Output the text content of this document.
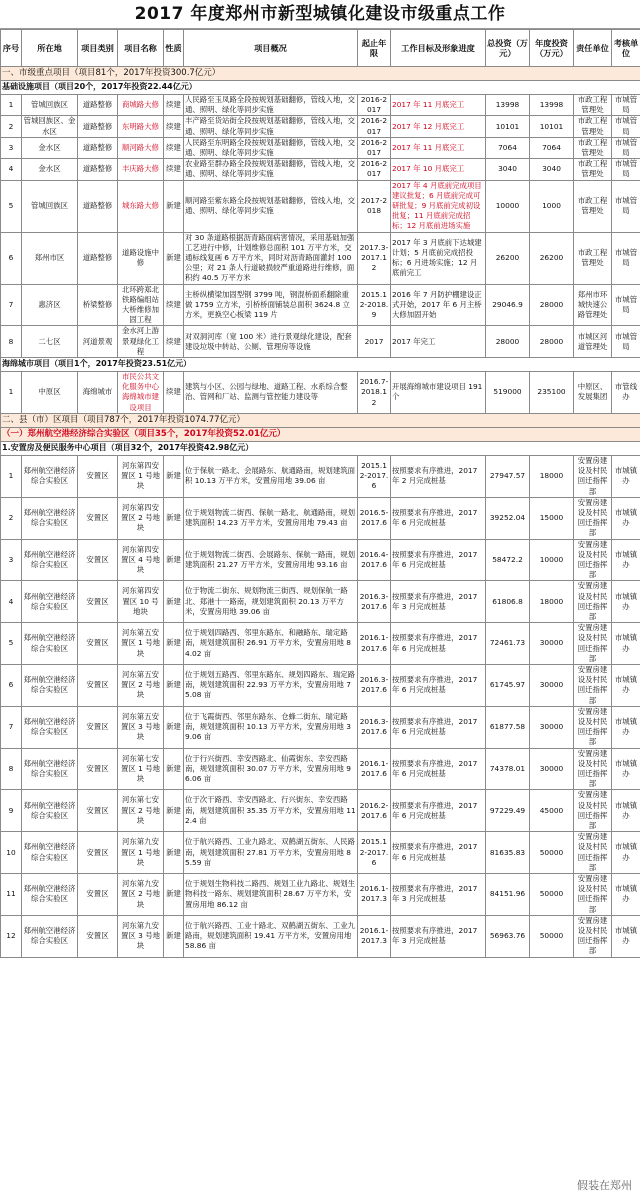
2017 年度郑州市新型城镇化建设市级重点工作
序号	所在地	项目类别	项目名称	性质	项目概况	起止年限	工作目标及形象进度	总投资（万元）	年度投资（万元）	责任单位	考核单位
一、市级重点项目（项目81个，2017年投资300.7亿元）											
基础设施项目（项目20个，2017年投资22.44亿元）											
1	管城回族区	道路整修	商城路大修	续建	人民路至玉凤路全段按规划基础翻修，管线入地，交通、照明、绿化等同步实施	2016-2017	2017 年 11 月底完工	13998	13998	市政工程管理处	市城管局
2	管城回族区、金水区	道路整修	东明路大修	续建	丰产路至货站街全段按规划基础翻修，管线入地，交通、照明、绿化等同步实施	2016-2017	2017 年 12 月底完工	10101	10101	市政工程管理处	市城管局
3	金水区	道路整修	顺河路大修	续建	人民路至东明路全段按规划基础翻修，管线入地，交通、照明、绿化等同步实施	2016-2017	2017 年 11 月底完工	7064	7064	市政工程管理处	市城管局
4	金水区	道路整修	丰庆路大修	续建	农业路至群办路全段按规划基础翻修，管线入地，交通、照明、绿化等同步实施	2016-2017	2017 年 10 月底完工	3040	3040	市政工程管理处	市城管局
5	管城回族区	道路整修	城东路大修	新建	顺河路至紫东路全段按规划基础翻修，管线入地，交通、照明、绿化等同步实施	2017-2018	2017 年 4 月底前完成项目建议批复；6 月底前完成可研批复；9 月底前完成初设批复；11 月底前完成招标；12 月底前进场实施	10000	1000	市政工程管理处	市城管局
6	郑州市区	道路整修	道路设施中修	新建	对 30 条道路根据沥青路面病害情况，采用基础加强工艺进行中修，计划维修总面积 101 万平方米，交通标线复画 6 万平方米，同时对沥青路面灌封 100 公里；对 21 条人行道破损较严重道路进行维修，面积约 40.5 万平方米	2017.3-2017.12	2017 年 3 月底前下达城建计划；5 月底前完成招投标；6 月进场实施；12 月底前完工	26200	26200	市政工程管理处	市城管局
7	惠济区	桥梁整修	北环跨郑北铁路编组站大桥维修加固工程	续建	主桥纵横梁加固型钢 3799 吨，钢混桥面系翻除重做 1759 立方米，引桥桥面铺装总面积 3624.8 立方米，更换空心板梁 119 片	2015.12-2018.9	2016 年 7 月防护棚建设正式开始，2017 年 6 月主桥大修加固开始	29046.9	28000	郑州市环城快速公路管理处	市城管局
8	二七区	河道景观	金水河上游景观绿化工程	续建	对双洞河库（宽 100 米）进行景观绿化建设，配套建设垃圾中转站、公厕、管理房等设施	2017	2017 年完工	28000	28000	市城区河道管理处	市城管局
海绵城市项目（项目1个，2017年投资23.51亿元）											
1	中原区	海绵城市	市民公共文化服务中心海绵城市建设项目	续建	建筑与小区、公园与绿地、道路工程、水系综合整治、管网和厂站、监测与管控能力建设等	2016.7-2018.12	开展海绵城市建设项目 191 个	519000	235100	中原区、发展集团	市管线办
二、县（市）区项目（项目787个，2017年投资1074.77亿元）											
（一）郑州航空港经济综合实验区（项目35个，2017年投资52.01亿元）											
1.安置房及便民服务中心项目（项目32个，2017年投资42.98亿元）											
1	郑州航空港经济综合实验区	安置区	河东第四安置区 1 号地块	新建	位于保航一路北、会展路东、航通路南，规划建筑面积 10.13 万平方米，安置房用地 39.06 亩	2015.12-2017.6	按照要求有序推进，2017 年 2 月完成桩基	27947.57	18000	安置房建设及村民回迁指挥部	市城镇办
2	郑州航空港经济综合实验区	安置区	河东第四安置区 2 号地块	新建	位于规划物流二街西、保航一路北、航通路南，规划建筑面积 14.23 万平方米，安置房用地 79.43 亩	2016.5-2017.6	按照要求有序推进，2017 年 6 月完成桩基	39252.04	15000	安置房建设及村民回迁指挥部	市城镇办
3	郑州航空港经济综合实验区	安置区	河东第四安置区 4 号地块	新建	位于规划物流二街西、会展路东、保航一路南，规划建筑面积 21.27 万平方米，安置房用地 93.16 亩	2016.4-2017.6	按照要求有序推进，2017 年 6 月完成桩基	58472.2	10000	安置房建设及村民回迁指挥部	市城镇办
4	郑州航空港经济综合实验区	安置区	河东第四安置区 10 号地块	新建	位于物流二街东、规划物流三街西、规划保航一路北、郑港十一路南，规划建筑面积 20.13 万平方米，安置房用地 39.06 亩	2016.3-2017.6	按照要求有序推进，2017 年 3 月完成桩基	61806.8	18000	安置房建设及村民回迁指挥部	市城镇办
5	郑州航空港经济综合实验区	安置区	河东第五安置区 1 号地块	新建	位于规划四路西、邻里东路东、和融路东、瑞定路南，规划建筑面积 26.91 万平方米，安置房用地 84.02 亩	2016.1-2017.6	按照要求有序推进，2017 年 6 月完成桩基	72461.73	30000	安置房建设及村民回迁指挥部	市城镇办
6	郑州航空港经济综合实验区	安置区	河东第五安置区 2 号地块	新建	位于规划五路西、邻里东路东、规划四路东、瑞定路南，规划建筑面积 22.93 万平方米，安置房用地 75.08 亩	2016.3-2017.6	按照要求有序推进，2017 年 6 月完成桩基	61745.97	30000	安置房建设及村民回迁指挥部	市城镇办
7	郑州航空港经济综合实验区	安置区	河东第五安置区 3 号地块	新建	位于飞霞街西、邻里东路东、仓蜂二街东、瑞定路南，规划建筑面积 10.13 万平方米，安置房用地 39.06 亩	2016.3-2017.6	按照要求有序推进，2017 年 6 月完成桩基	61877.58	30000	安置房建设及村民回迁指挥部	市城镇办
8	郑州航空港经济综合实验区	安置区	河东第七安置区 1 号地块	新建	位于行兴街西、幸安西路北、仙霞街东、幸安西路南，规划建筑面积 30.07 万平方米，安置房用地 96.06 亩	2016.1-2017.6	按照要求有序推进，2017 年 6 月完成桩基	74378.01	30000	安置房建设及村民回迁指挥部	市城镇办
9	郑州航空港经济综合实验区	安置区	河东第七安置区 2 号地块	新建	位于次干路西、幸安西路北、行兴街东、幸安西路南，规划建筑面积 35.35 万平方米，安置房用地 112.4 亩	2016.2-2017.6	按照要求有序推进，2017 年 6 月完成桩基	97229.49	45000	安置房建设及村民回迁指挥部	市城镇办
10	郑州航空港经济综合实验区	安置区	河东第九安置区 1 号地块	新建	位于航兴路西、工业九路北、双鹤湖五街东、人民路南，规划建筑面积 27.81 万平方米，安置房用地 85.59 亩	2015.12-2017.6	按照要求有序推进，2017 年 6 月完成桩基	81635.83	50000	安置房建设及村民回迁指挥部	市城镇办
11	郑州航空港经济综合实验区	安置区	河东第九安置区 2 号地块	新建	位于规划生物科技二路西、规划工业九路北、规划生物科技一路东、规划建筑面积 28.67 万平方米，安置房用地 86.12 亩	2016.1-2017.3	按照要求有序推进，2017 年 3 月完成桩基	84151.96	50000	安置房建设及村民回迁指挥部	市城镇办
12	郑州航空港经济综合实验区	安置区	河东第九安置区 3 号地块	新建	位于航兴路西、工业十路北、双鹤湖五街东、工业九路南，规划建筑面积 19.41 万平方米，安置房用地 58.86 亩	2016.1-2017.3	按照要求有序推进，2017 年 3 月完成桩基	56963.76	50000	安置房建设及村民回迁指挥部	市城镇办
假装在郑州
